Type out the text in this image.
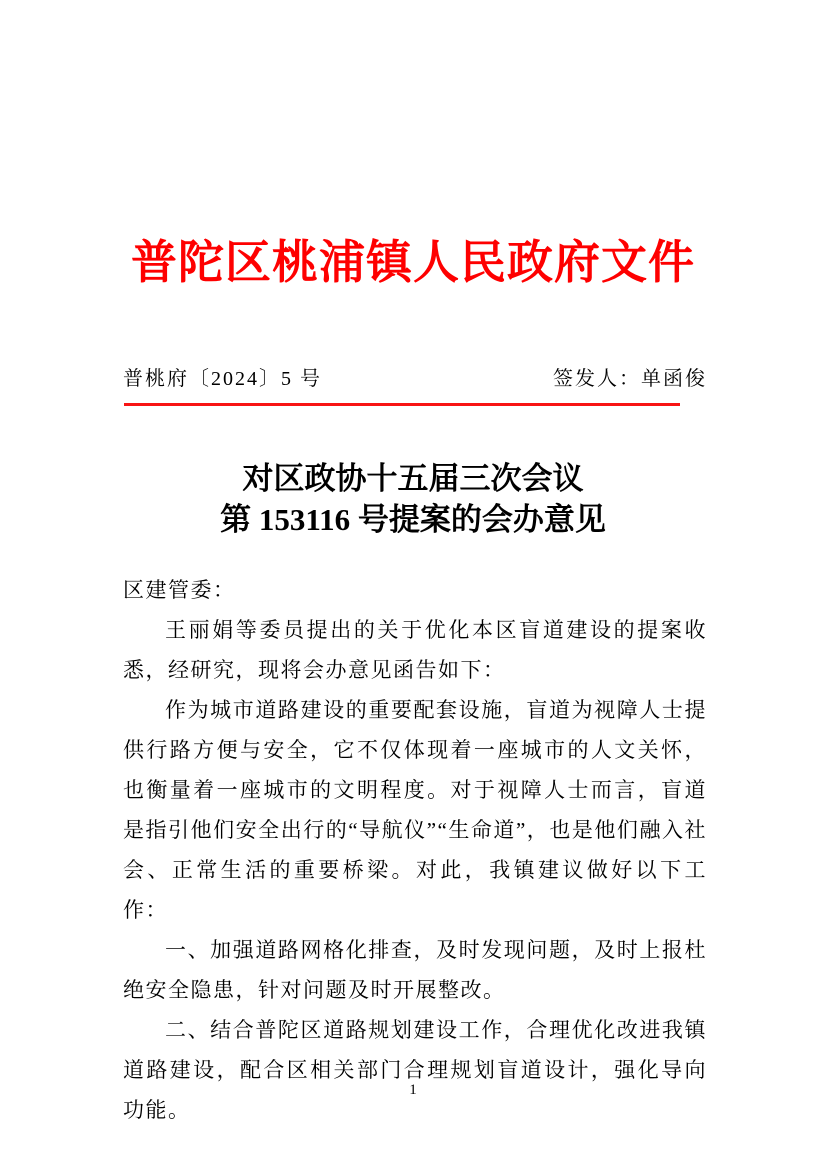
普陀区桃浦镇人民政府文件
普桃府〔2024〕5 号	签发人：单函俊
对区政协十五届三次会议
第 153116 号提案的会办意见

区建管委：

王丽娟等委员提出的关于优化本区盲道建设的提案收悉，经研究，现将会办意见函告如下：

作为城市道路建设的重要配套设施，盲道为视障人士提供行路方便与安全，它不仅体现着一座城市的人文关怀，也衡量着一座城市的文明程度。对于视障人士而言，盲道是指引他们安全出行的“导航仪”“生命道”，也是他们融入社会、正常生活的重要桥梁。对此，我镇建议做好以下工作：

一、加强道路网格化排查，及时发现问题，及时上报杜绝安全隐患，针对问题及时开展整改。

二、结合普陀区道路规划建设工作，合理优化改进我镇道路建设，配合区相关部门合理规划盲道设计，强化导向功能。

1
